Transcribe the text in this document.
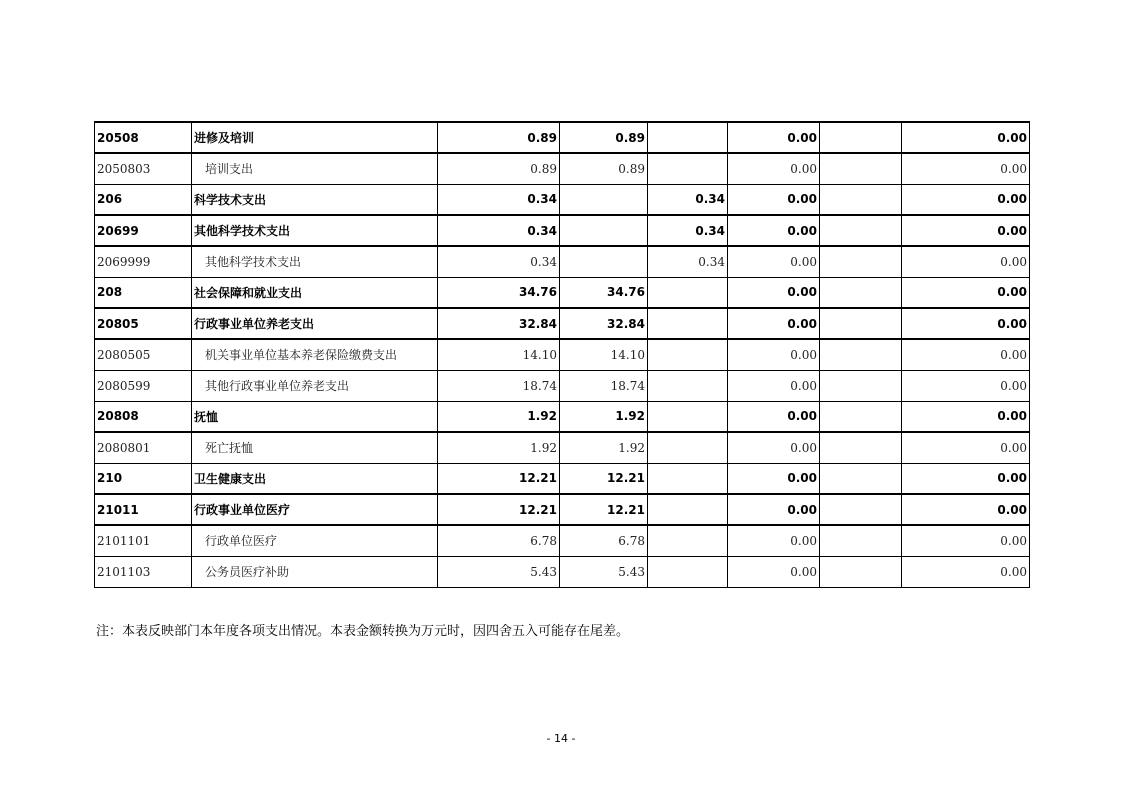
20508	进修及培训	0.89	0.89		0.00		0.00
2050803	培训支出	0.89	0.89		0.00		0.00
206	科学技术支出	0.34		0.34	0.00		0.00
20699	其他科学技术支出	0.34		0.34	0.00		0.00
2069999	其他科学技术支出	0.34		0.34	0.00		0.00
208	社会保障和就业支出	34.76	34.76		0.00		0.00
20805	行政事业单位养老支出	32.84	32.84		0.00		0.00
2080505	机关事业单位基本养老保险缴费支出	14.10	14.10		0.00		0.00
2080599	其他行政事业单位养老支出	18.74	18.74		0.00		0.00
20808	抚恤	1.92	1.92		0.00		0.00
2080801	死亡抚恤	1.92	1.92		0.00		0.00
210	卫生健康支出	12.21	12.21		0.00		0.00
21011	行政事业单位医疗	12.21	12.21		0.00		0.00
2101101	行政单位医疗	6.78	6.78		0.00		0.00
2101103	公务员医疗补助	5.43	5.43		0.00		0.00
注：本表反映部门本年度各项支出情况。本表金额转换为万元时，因四舍五入可能存在尾差。
- 14 -
